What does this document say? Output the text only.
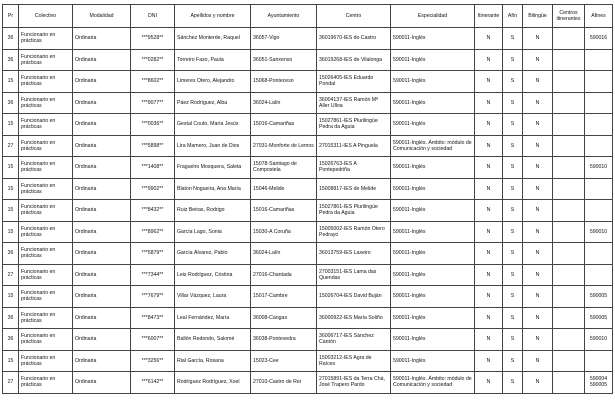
Pr	Colectivo	Modalidad	DNI	Apellidos y nombre	Ayuntamiento	Centro	Especialidad	Itinerante	Afín	Bilingüe	Centros itinerantes	Afines
36	Funcionario en prácticas	Ordinaria	***9528**	Sánchez Monterde, Raquel	36057-Vigo	36019670-IES do Castro	590011-Inglés	N	S	N		590016
36	Funcionario en prácticas	Ordinaria	***0282**	Torreiro Fazo, Paula	36051-Sanxenxo	36019268-IES de Vilalonga	590011-Inglés	N	S	N		
15	Funcionario en prácticas	Ordinaria	***8602**	Limeres Otero, Alejandro	15068-Ponteceso	15026405-IES Eduardo Pondal	590011-Inglés	N	S	N		
36	Funcionario en prácticas	Ordinaria	***9077**	Páez Rodríguez, Alba	36024-Lalín	36004137-IES Ramón Mª Aller Ulloa	590011-Inglés	N	S	N		
15	Funcionario en prácticas	Ordinaria	***0036**	Gestal Couto, María Jesús	15016-Camariñas	15027861-IES Plurilingüe Pedra da Aguia	590011-Inglés	N	S	N		
27	Funcionario en prácticas	Ordinaria	***5898**	Lira Mamero, Juan de Dios	27031-Monforte de Lemos	27015311-IES A Pinguela	590011-Inglés. Ámbito: módulo de Comunicación y sociedad	N	S	N		
15	Funcionario en prácticas	Ordinaria	***1408**	Fraguelro Mosquera, Saleta	15078-Santiago de Compostela	15026763-IES A Pontepedriña	590011-Inglés	N	S	N		590010
15	Funcionario en prácticas	Ordinaria	***9902**	Blaton Nogueira, Ana María	15046-Melide	15008817-IES de Melide	590011-Inglés	N	S	N		
15	Funcionario en prácticas	Ordinaria	***8432**	Ruiz Beiras, Rodrigo	15016-Camariñas	15027861-IES Plurilingüe Pedra da Aguia	590011-Inglés	N	S	N		
15	Funcionario en prácticas	Ordinaria	***8962**	García Lago, Sonia	15030-A Coruña	15005002-IES Ramón Otero Pedrayo	590011-Inglés	N	S	N		590010
36	Funcionario en prácticas	Ordinaria	***5879**	García Álvarez, Pablo	36024-Lalín	36013759-IES Laxeiro	590011-Inglés	N	S	N		
27	Funcionario en prácticas	Ordinaria	***7344**	Leis Rodríguez, Cristina	27016-Chantada	27003151-IES Lama das Quendas	590011-Inglés	N	S	N		
15	Funcionario en prácticas	Ordinaria	***7679**	Villar Vázquez, Laura	15017-Cambre	15026704-IES David Buján	590011-Inglés	N	S	N		590005
36	Funcionario en prácticas	Ordinaria	***8473**	Leal Fernández, María	36008-Cangas	36000922-IES María Soliño	590011-Inglés	N	S	N		590005
36	Funcionario en prácticas	Ordinaria	***6007**	Ballón Redondo, Salomé	36038-Pontevedra	36006717-IES Sánchez Cantón	590011-Inglés	N	S	N		590010
15	Funcionario en prácticas	Ordinaria	***3256**	Rial García, Rosana	15023-Cee	15003212-IES Agra de Raíces	590011-Inglés	N	S	N		
27	Funcionario en prácticas	Ordinaria	***6142**	Rodríguez Rodríguez, Xoel	27010-Castro de Rei	27015891-IES da Terra Chá, José Trapero Pardo	590011-Inglés. Ámbito: módulo de Comunicación y sociedad	N	S	N		590004 590005
